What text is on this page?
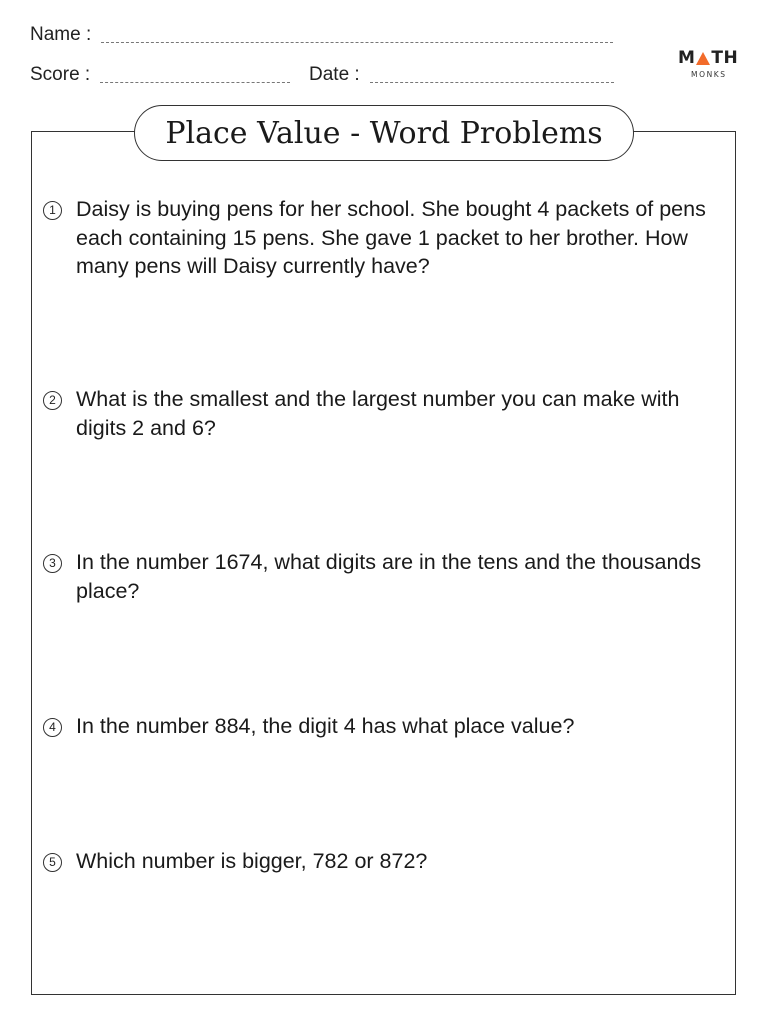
Name :
Score :	Date :
M TH
MONKS
Place Value - Word Problems
1 Daisy is buying pens for her school. She bought 4 packets of pens each containing 15 pens. She gave 1 packet to her brother. How many pens will Daisy currently have?
2 What is the smallest and the largest number you can make with digits 2 and 6?
3 In the number 1674, what digits are in the tens and the thousands place?
4 In the number 884, the digit 4 has what place value?
5 Which number is bigger, 782 or 872?
